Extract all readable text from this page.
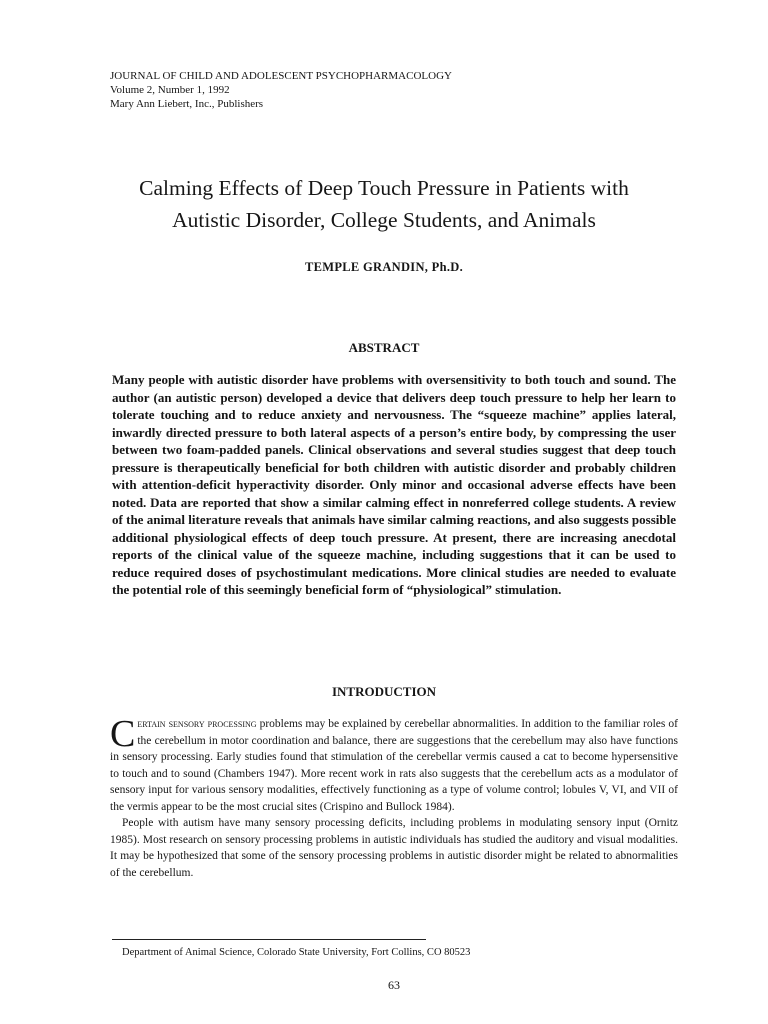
JOURNAL OF CHILD AND ADOLESCENT PSYCHOPHARMACOLOGY
Volume 2, Number 1, 1992
Mary Ann Liebert, Inc., Publishers
Calming Effects of Deep Touch Pressure in Patients with
Autistic Disorder, College Students, and Animals
TEMPLE GRANDIN, Ph.D.
ABSTRACT

Many people with autistic disorder have problems with oversensitivity to both touch and sound. The author (an autistic person) developed a device that delivers deep touch pressure to help her learn to tolerate touching and to reduce anxiety and nervousness. The “squeeze machine” applies lateral, inwardly directed pressure to both lateral aspects of a person’s entire body, by compressing the user between two foam-padded panels. Clinical observations and several studies suggest that deep touch pressure is therapeutically beneficial for both children with autistic disorder and probably children with attention-deficit hyperactivity disorder. Only minor and occasional adverse effects have been noted. Data are reported that show a similar calming effect in nonreferred college students. A review of the animal literature reveals that animals have similar calming reactions, and also suggests possible additional physiological effects of deep touch pressure. At present, there are increasing anecdotal reports of the clinical value of the squeeze machine, including suggestions that it can be used to reduce required doses of psychostimulant medications. More clinical studies are needed to evaluate the potential role of this seemingly beneficial form of “physiological” stimulation.

INTRODUCTION

Certain sensory processing problems may be explained by cerebellar abnormalities. In addition to the familiar roles of the cerebellum in motor coordination and balance, there are suggestions that the cerebellum may also have functions in sensory processing. Early studies found that stimulation of the cerebellar vermis caused a cat to become hypersensitive to touch and to sound (Chambers 1947). More recent work in rats also suggests that the cerebellum acts as a modulator of sensory input for various sensory modalities, effectively functioning as a type of volume control; lobules V, VI, and VII of the vermis appear to be the most crucial sites (Crispino and Bullock 1984).

People with autism have many sensory processing deficits, including problems in modulating sensory input (Ornitz 1985). Most research on sensory processing problems in autistic individuals has studied the auditory and visual modalities. It may be hypothesized that some of the sensory processing problems in autistic disorder might be related to abnormalities of the cerebellum.

Department of Animal Science, Colorado State University, Fort Collins, CO 80523
63
